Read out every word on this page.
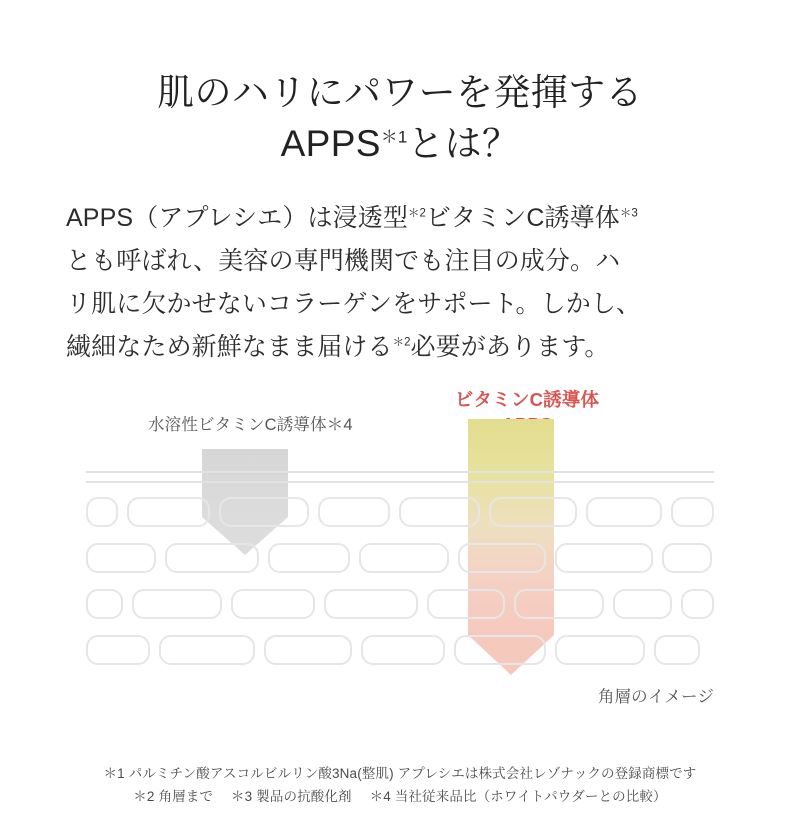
肌のハリにパワーを発揮する
$APPS^{*1}$とは？
APPS（アプレシエ）は浸透型$^{*2}$ビタミンC誘導体$^{*3}$
とも呼ばれ、美容の専門機関でも注目の成分。ハ
リ肌に欠かせないコラーゲンをサポート。しかし、
繊細なため新鮮なまま届ける$^{*2}$必要があります。
水溶性ビタミンC誘導体＊4
ビタミンC誘導体
角層のイメージ
＊1 パルミチン酸アスコルビルリン酸3Na(整肌) アプレシエは株式会社レゾナックの登録商標です
＊2 角層まで ＊3 製品の抗酸化剤 ＊4 当社従来品比（ホワイトパウダーとの比較）
